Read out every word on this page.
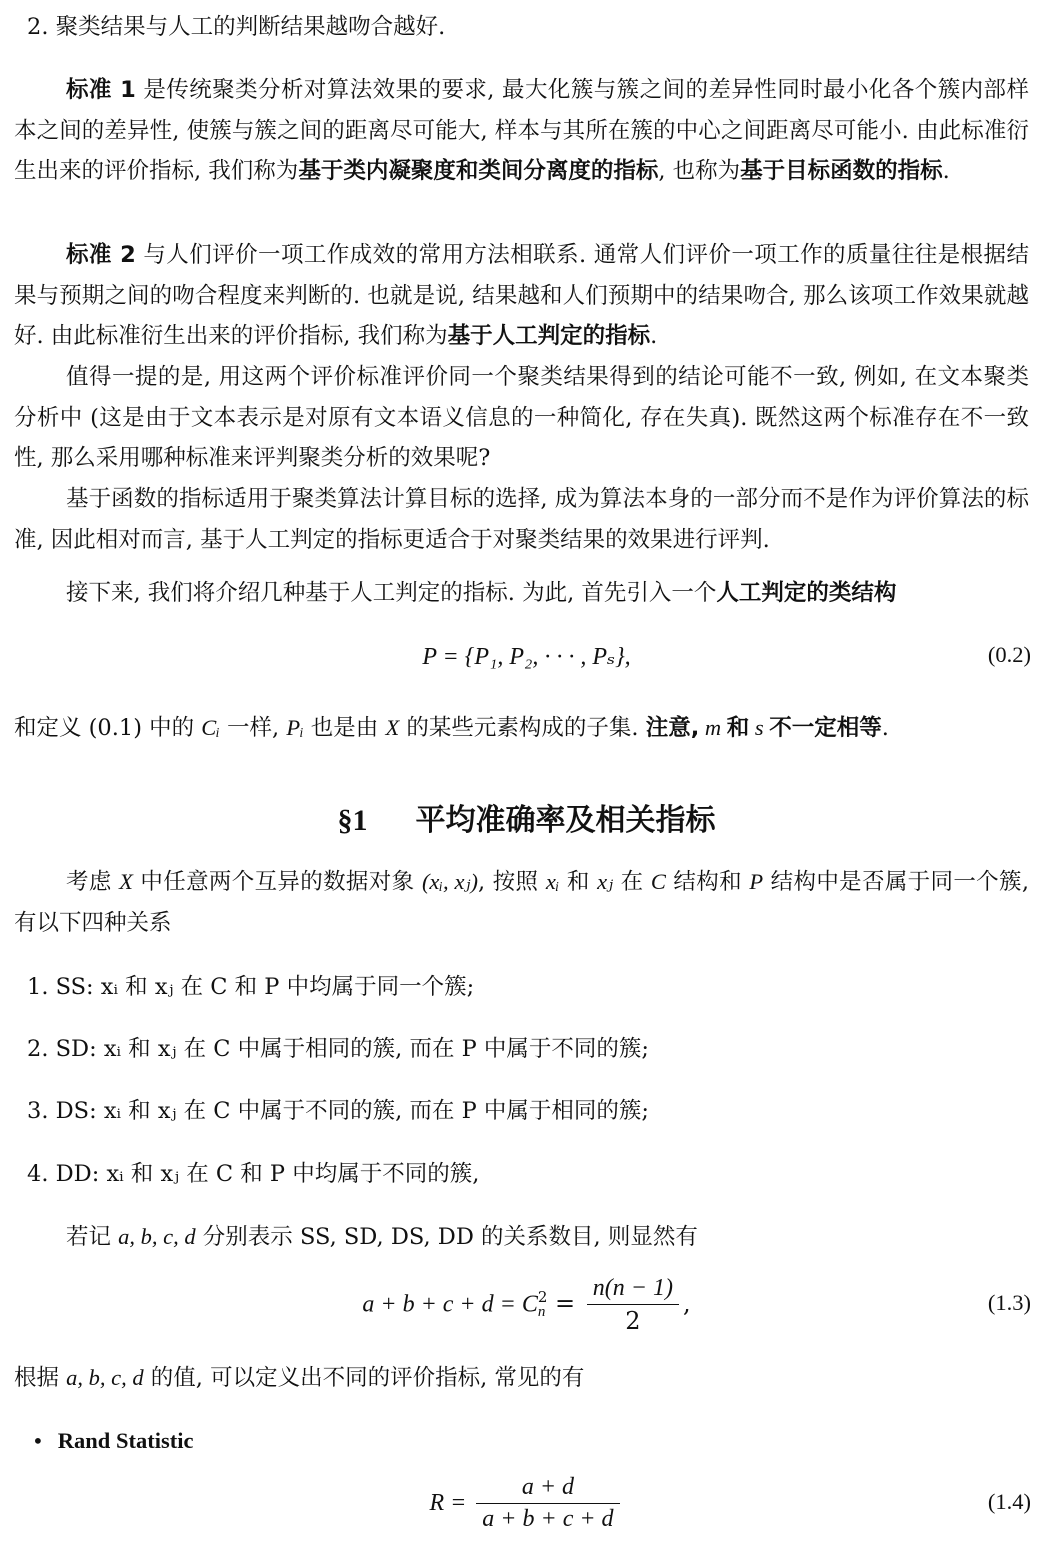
2. 聚类结果与人工的判断结果越吻合越好.
标准 1 是传统聚类分析对算法效果的要求, 最大化簇与簇之间的差异性同时最小化各个簇内部样本之间的差异性, 使簇与簇之间的距离尽可能大, 样本与其所在簇的中心之间距离尽可能小. 由此标准衍生出来的评价指标, 我们称为基于类内凝聚度和类间分离度的指标, 也称为基于目标函数的指标.
标准 2 与人们评价一项工作成效的常用方法相联系. 通常人们评价一项工作的质量往往是根据结果与预期之间的吻合程度来判断的. 也就是说, 结果越和人们预期中的结果吻合, 那么该项工作效果就越好. 由此标准衍生出来的评价指标, 我们称为基于人工判定的指标.
值得一提的是, 用这两个评价标准评价同一个聚类结果得到的结论可能不一致, 例如, 在文本聚类分析中 (这是由于文本表示是对原有文本语义信息的一种简化, 存在失真). 既然这两个标准存在不一致性, 那么采用哪种标准来评判聚类分析的效果呢?
基于函数的指标适用于聚类算法计算目标的选择, 成为算法本身的一部分而不是作为评价算法的标准, 因此相对而言, 基于人工判定的指标更适合于对聚类结果的效果进行评判.
接下来, 我们将介绍几种基于人工判定的指标. 为此, 首先引入一个人工判定的类结构
P = {P₁, P₂, · · · , Pₛ},	(0.2)
和定义 (0.1) 中的 Cᵢ 一样, Pᵢ 也是由 X 的某些元素构成的子集. 注意, m 和 s 不一定相等.
§1 平均准确率及相关指标
考虑 X 中任意两个互异的数据对象 (xᵢ, xⱼ), 按照 xᵢ 和 xⱼ 在 C 结构和 P 结构中是否属于同一个簇, 有以下四种关系
1. SS: xᵢ 和 xⱼ 在 C 和 P 中均属于同一个簇;
2. SD: xᵢ 和 xⱼ 在 C 中属于相同的簇, 而在 P 中属于不同的簇;
3. DS: xᵢ 和 xⱼ 在 C 中属于不同的簇, 而在 P 中属于相同的簇;
4. DD: xᵢ 和 xⱼ 在 C 和 P 中均属于不同的簇,
若记 a, b, c, d 分别表示 SS, SD, DS, DD 的关系数目, 则显然有
a + b + c + d = C 2
$n = \frac{n(n - 1)}{2}$ ,	(1.3)
根据 a, b, c, d 的值, 可以定义出不同的评价指标, 常见的有
• Rand Statistic
$R = \frac{a + d}{a + b + c + d}$	(1.4)
